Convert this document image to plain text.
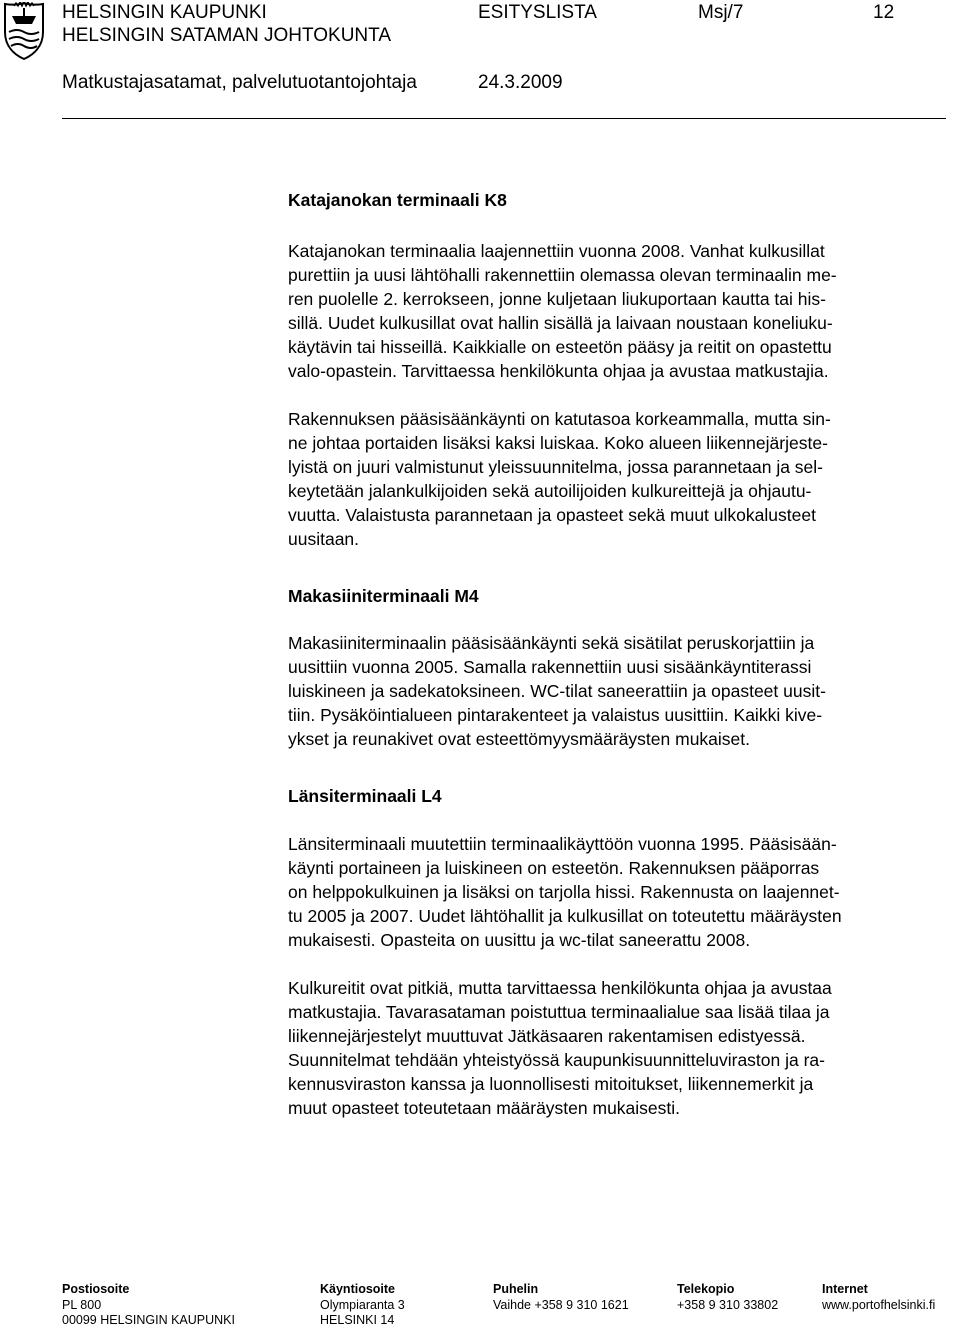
HELSINGIN KAUPUNKI
HELSINGIN SATAMAN JOHTOKUNTA
ESITYSLISTA	Msj/7	12
Matkustajasatamat, palvelutuotantojohtaja	24.3.2009
Katajanokan terminaali K8

Katajanokan terminaalia laajennettiin vuonna 2008. Vanhat kulkusillat
purettiin ja uusi lähtöhalli rakennettiin olemassa olevan terminaalin me-
ren puolelle 2. kerrokseen, jonne kuljetaan liukuportaan kautta tai his-
sillä. Uudet kulkusillat ovat hallin sisällä ja laivaan noustaan koneliuku-
käytävin tai hisseillä. Kaikkialle on esteetön pääsy ja reitit on opastettu
valo-opastein. Tarvittaessa henkilökunta ohjaa ja avustaa matkustajia.

Rakennuksen pääsisäänkäynti on katutasoa korkeammalla, mutta sin-
ne johtaa portaiden lisäksi kaksi luiskaa. Koko alueen liikennejärjeste-
lyistä on juuri valmistunut yleissuunnitelma, jossa parannetaan ja sel-
keytetään jalankulkijoiden sekä autoilijoiden kulkureittejä ja ohjautu-
vuutta. Valaistusta parannetaan ja opasteet sekä muut ulkokalusteet
uusitaan.

Makasiiniterminaali M4

Makasiiniterminaalin pääsisäänkäynti sekä sisätilat peruskorjattiin ja
uusittiin vuonna 2005. Samalla rakennettiin uusi sisäänkäyntiterassi
luiskineen ja sadekatoksineen. WC-tilat saneerattiin ja opasteet uusit-
tiin. Pysäköintialueen pintarakenteet ja valaistus uusittiin. Kaikki kive-
ykset ja reunakivet ovat esteettömyysmääräysten mukaiset.

Länsiterminaali L4

Länsiterminaali muutettiin terminaalikäyttöön vuonna 1995. Pääsisään-
käynti portaineen ja luiskineen on esteetön. Rakennuksen pääporras
on helppokulkuinen ja lisäksi on tarjolla hissi. Rakennusta on laajennet-
tu 2005 ja 2007. Uudet lähtöhallit ja kulkusillat on toteutettu määräysten
mukaisesti. Opasteita on uusittu ja wc-tilat saneerattu 2008.

Kulkureitit ovat pitkiä, mutta tarvittaessa henkilökunta ohjaa ja avustaa
matkustajia. Tavarasataman poistuttua terminaalialue saa lisää tilaa ja
liikennejärjestelyt muuttuvat Jätkäsaaren rakentamisen edistyessä.
Suunnitelmat tehdään yhteistyössä kaupunkisuunnitteluviraston ja ra-
kennusviraston kanssa ja luonnollisesti mitoitukset, liikennemerkit ja
muut opasteet toteutetaan määräysten mukaisesti.

Postiosoite
PL 800
00099 HELSINGIN KAUPUNKI
Käyntiosoite
Olympiaranta 3
HELSINKI 14
Puhelin
Vaihde +358 9 310 1621
Telekopio
+358 9 310 33802
Internet
www.portofhelsinki.fi
